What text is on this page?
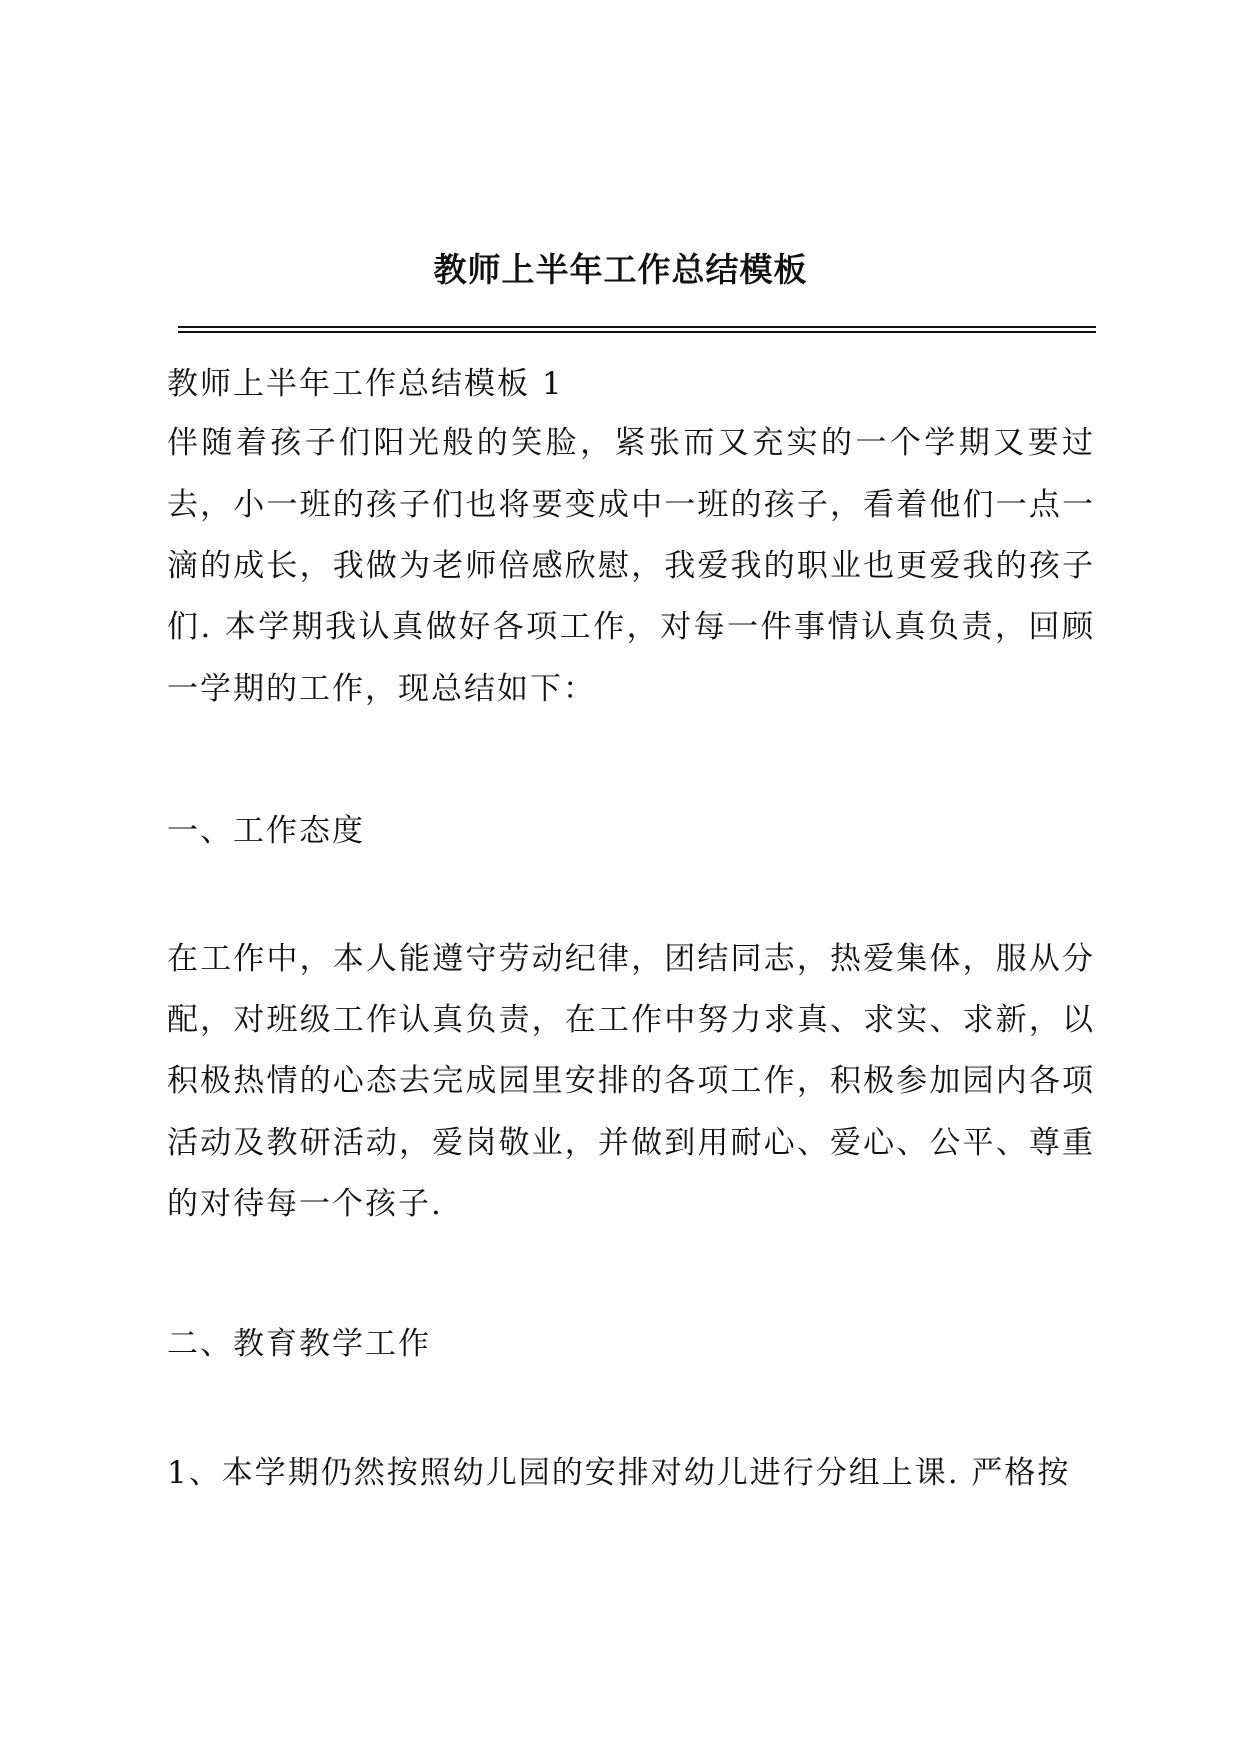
教师上半年工作总结模板
教师上半年工作总结模板 1
伴随着孩子们阳光般的笑脸，紧张而又充实的一个学期又要过
去，小一班的孩子们也将要变成中一班的孩子，看着他们一点一
滴的成长，我做为老师倍感欣慰，我爱我的职业也更爱我的孩子
们. 本学期我认真做好各项工作，对每一件事情认真负责，回顾
一学期的工作，现总结如下：
一、工作态度
在工作中，本人能遵守劳动纪律，团结同志，热爱集体，服从分
配，对班级工作认真负责，在工作中努力求真、求实、求新，以
积极热情的心态去完成园里安排的各项工作，积极参加园内各项
活动及教研活动，爱岗敬业，并做到用耐心、爱心、公平、尊重
的对待每一个孩子.
二、教育教学工作
1、本学期仍然按照幼儿园的安排对幼儿进行分组上课. 严格按
